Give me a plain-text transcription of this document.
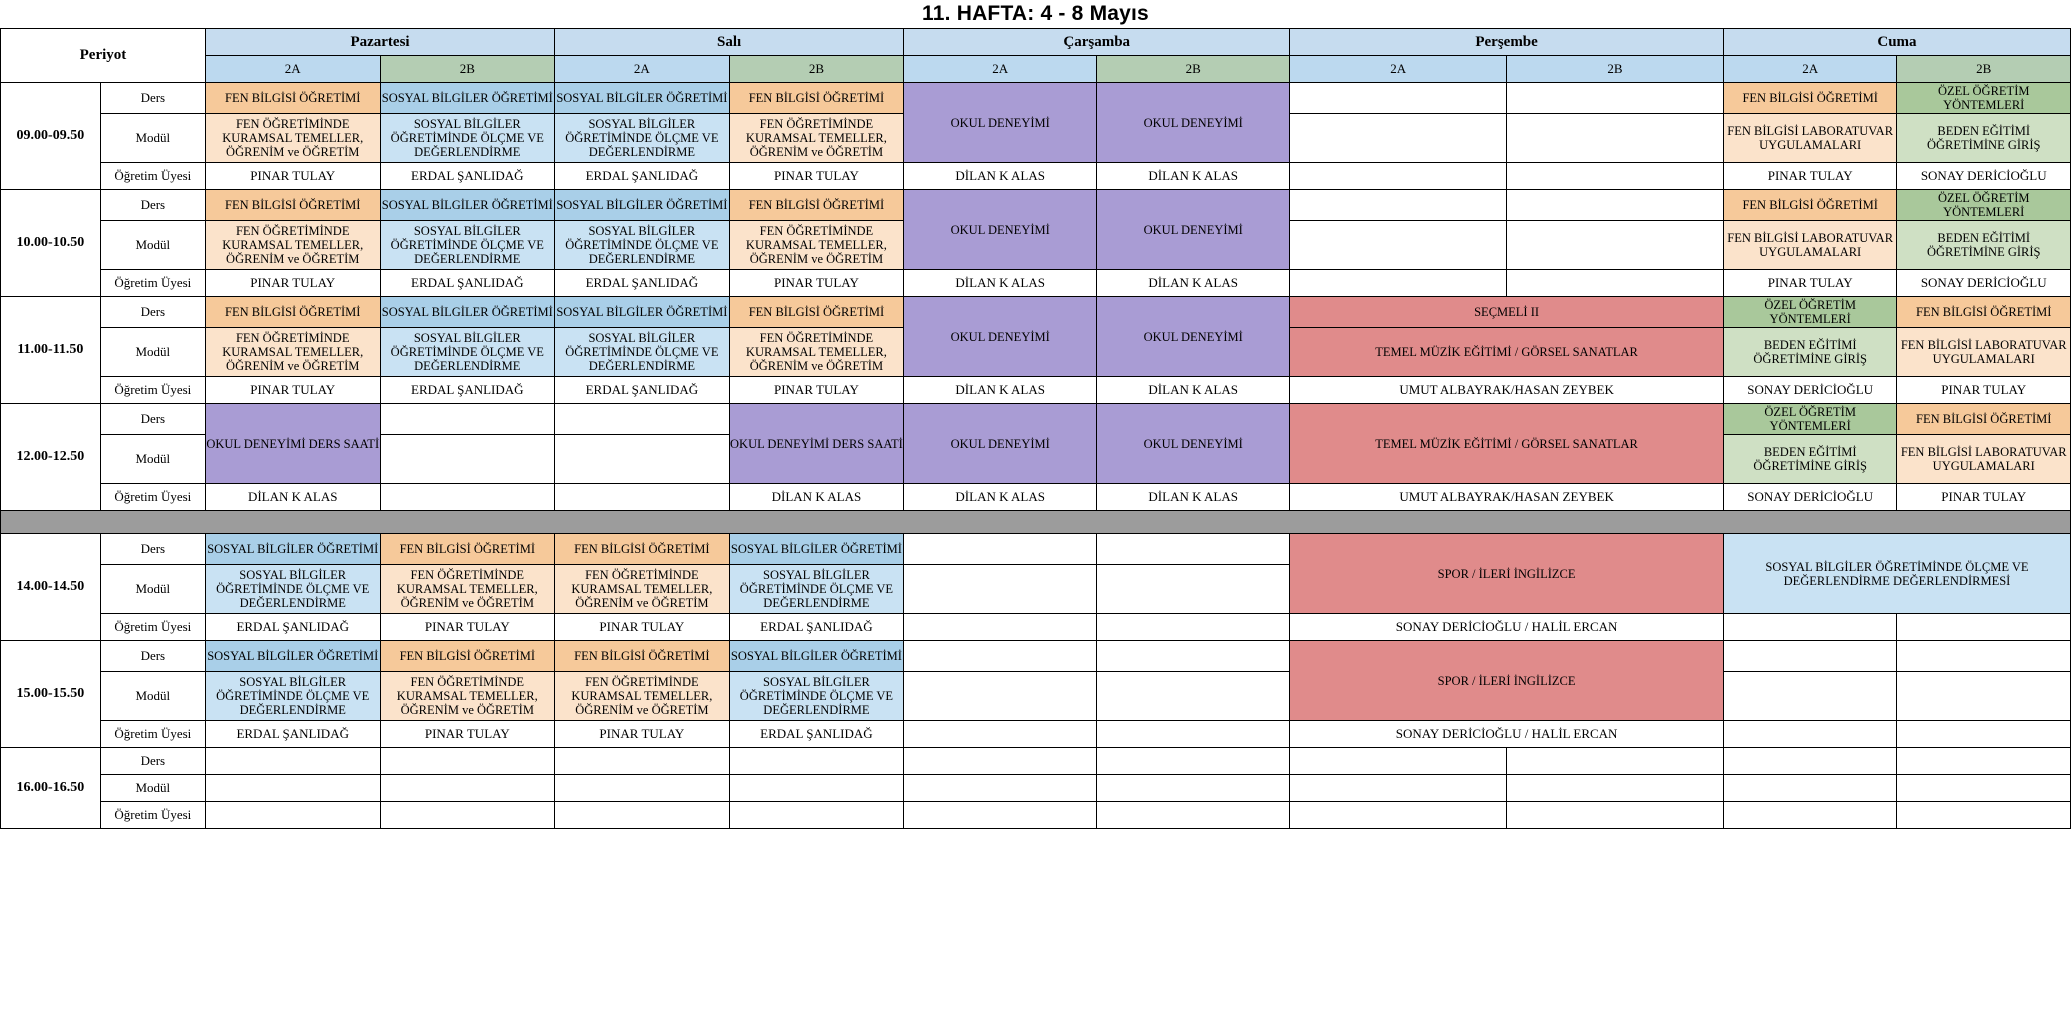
11. HAFTA: 4 - 8 Mayıs
Periyot		Pazartesi		Salı		Çarşamba		Perşembe		Cuma	
		2A	2B	2A	2B	2A	2B	2A	2B	2A	2B
09.00-09.50	Ders	FEN BİLGİSİ ÖĞRETİMİ	SOSYAL BİLGİLER ÖĞRETİMİ	SOSYAL BİLGİLER ÖĞRETİMİ	FEN BİLGİSİ ÖĞRETİMİ	OKUL DENEYİMİ	OKUL DENEYİMİ			FEN BİLGİSİ ÖĞRETİMİ	ÖZEL ÖĞRETİM YÖNTEMLERİ
	Modül	FEN ÖĞRETİMİNDE KURAMSAL TEMELLER, ÖĞRENİM ve ÖĞRETİM	SOSYAL BİLGİLER ÖĞRETİMİNDE ÖLÇME VE DEĞERLENDİRME	SOSYAL BİLGİLER ÖĞRETİMİNDE ÖLÇME VE DEĞERLENDİRME	FEN ÖĞRETİMİNDE KURAMSAL TEMELLER, ÖĞRENİM ve ÖĞRETİM					FEN BİLGİSİ LABORATUVAR UYGULAMALARI	BEDEN EĞİTİMİ ÖĞRETİMİNE GİRİŞ
	Öğretim Üyesi	PINAR TULAY	ERDAL ŞANLIDAĞ	ERDAL ŞANLIDAĞ	PINAR TULAY	DİLAN K ALAS	DİLAN K ALAS			PINAR TULAY	SONAY DERİCİOĞLU
10.00-10.50	Ders	FEN BİLGİSİ ÖĞRETİMİ	SOSYAL BİLGİLER ÖĞRETİMİ	SOSYAL BİLGİLER ÖĞRETİMİ	FEN BİLGİSİ ÖĞRETİMİ	OKUL DENEYİMİ	OKUL DENEYİMİ			FEN BİLGİSİ ÖĞRETİMİ	ÖZEL ÖĞRETİM YÖNTEMLERİ
	Modül	FEN ÖĞRETİMİNDE KURAMSAL TEMELLER, ÖĞRENİM ve ÖĞRETİM	SOSYAL BİLGİLER ÖĞRETİMİNDE ÖLÇME VE DEĞERLENDİRME	SOSYAL BİLGİLER ÖĞRETİMİNDE ÖLÇME VE DEĞERLENDİRME	FEN ÖĞRETİMİNDE KURAMSAL TEMELLER, ÖĞRENİM ve ÖĞRETİM					FEN BİLGİSİ LABORATUVAR UYGULAMALARI	BEDEN EĞİTİMİ ÖĞRETİMİNE GİRİŞ
	Öğretim Üyesi	PINAR TULAY	ERDAL ŞANLIDAĞ	ERDAL ŞANLIDAĞ	PINAR TULAY	DİLAN K ALAS	DİLAN K ALAS			PINAR TULAY	SONAY DERİCİOĞLU
11.00-11.50	Ders	FEN BİLGİSİ ÖĞRETİMİ	SOSYAL BİLGİLER ÖĞRETİMİ	SOSYAL BİLGİLER ÖĞRETİMİ	FEN BİLGİSİ ÖĞRETİMİ	OKUL DENEYİMİ	OKUL DENEYİMİ	SEÇMELİ II		ÖZEL ÖĞRETİM YÖNTEMLERİ	FEN BİLGİSİ ÖĞRETİMİ
	Modül	FEN ÖĞRETİMİNDE KURAMSAL TEMELLER, ÖĞRENİM ve ÖĞRETİM	SOSYAL BİLGİLER ÖĞRETİMİNDE ÖLÇME VE DEĞERLENDİRME	SOSYAL BİLGİLER ÖĞRETİMİNDE ÖLÇME VE DEĞERLENDİRME	FEN ÖĞRETİMİNDE KURAMSAL TEMELLER, ÖĞRENİM ve ÖĞRETİM			TEMEL MÜZİK EĞİTİMİ / GÖRSEL SANATLAR		BEDEN EĞİTİMİ ÖĞRETİMİNE GİRİŞ	FEN BİLGİSİ LABORATUVAR UYGULAMALARI
	Öğretim Üyesi	PINAR TULAY	ERDAL ŞANLIDAĞ	ERDAL ŞANLIDAĞ	PINAR TULAY	DİLAN K ALAS	DİLAN K ALAS	UMUT ALBAYRAK/HASAN ZEYBEK		SONAY DERİCİOĞLU	PINAR TULAY
12.00-12.50	Ders	OKUL DENEYİMİ DERS SAATİ			OKUL DENEYİMİ DERS SAATİ	OKUL DENEYİMİ	OKUL DENEYİMİ	TEMEL MÜZİK EĞİTİMİ / GÖRSEL SANATLAR		ÖZEL ÖĞRETİM YÖNTEMLERİ	FEN BİLGİSİ ÖĞRETİMİ
	Modül									BEDEN EĞİTİMİ ÖĞRETİMİNE GİRİŞ	FEN BİLGİSİ LABORATUVAR UYGULAMALARI
	Öğretim Üyesi	DİLAN K ALAS			DİLAN K ALAS	DİLAN K ALAS	DİLAN K ALAS	UMUT ALBAYRAK/HASAN ZEYBEK		SONAY DERİCİOĞLU	PINAR TULAY

14.00-14.50	Ders	SOSYAL BİLGİLER ÖĞRETİMİ	FEN BİLGİSİ ÖĞRETİMİ	FEN BİLGİSİ ÖĞRETİMİ	SOSYAL BİLGİLER ÖĞRETİMİ			SPOR / İLERİ İNGİLİZCE		SOSYAL BİLGİLER ÖĞRETİMİNDE ÖLÇME VE DEĞERLENDİRME DEĞERLENDİRMESİ	
	Modül	SOSYAL BİLGİLER ÖĞRETİMİNDE ÖLÇME VE DEĞERLENDİRME	FEN ÖĞRETİMİNDE KURAMSAL TEMELLER, ÖĞRENİM ve ÖĞRETİM	FEN ÖĞRETİMİNDE KURAMSAL TEMELLER, ÖĞRENİM ve ÖĞRETİM	SOSYAL BİLGİLER ÖĞRETİMİNDE ÖLÇME VE DEĞERLENDİRME						
	Öğretim Üyesi	ERDAL ŞANLIDAĞ	PINAR TULAY	PINAR TULAY	ERDAL ŞANLIDAĞ			SONAY DERİCİOĞLU / HALİL ERCAN			
15.00-15.50	Ders	SOSYAL BİLGİLER ÖĞRETİMİ	FEN BİLGİSİ ÖĞRETİMİ	FEN BİLGİSİ ÖĞRETİMİ	SOSYAL BİLGİLER ÖĞRETİMİ			SPOR / İLERİ İNGİLİZCE			
	Modül	SOSYAL BİLGİLER ÖĞRETİMİNDE ÖLÇME VE DEĞERLENDİRME	FEN ÖĞRETİMİNDE KURAMSAL TEMELLER, ÖĞRENİM ve ÖĞRETİM	FEN ÖĞRETİMİNDE KURAMSAL TEMELLER, ÖĞRENİM ve ÖĞRETİM	SOSYAL BİLGİLER ÖĞRETİMİNDE ÖLÇME VE DEĞERLENDİRME						
	Öğretim Üyesi	ERDAL ŞANLIDAĞ	PINAR TULAY	PINAR TULAY	ERDAL ŞANLIDAĞ			SONAY DERİCİOĞLU / HALİL ERCAN			
16.00-16.50	Ders										
	Modül										
	Öğretim Üyesi										
